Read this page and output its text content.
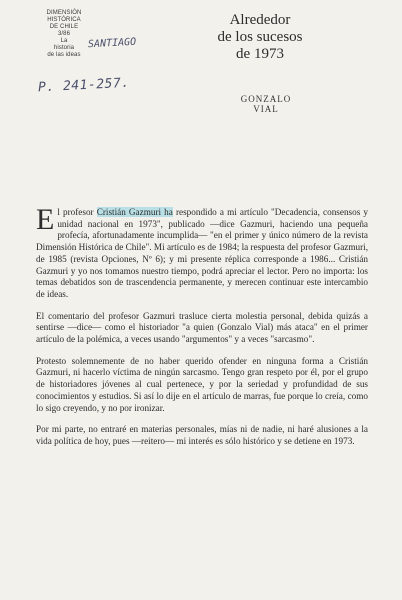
DIMENSIÓN
HISTÓRICA
DE CHILE
3/86
La
historia
de las ideas
SANTIAGO
P. 241-257.
Alrededor
de los sucesos
de 1973
GONZALO VIAL

El profesor Cristián Gazmuri ha respondido a mi artículo "Decadencia, consensos y unidad nacional en 1973", publicado —dice Gazmuri, haciendo una pequeña profecía, afortunadamente incumplida— "en el primer y único número de la revista Dimensión Histórica de Chile". Mi artículo es de 1984; la respuesta del profesor Gazmuri, de 1985 (revista Opciones, Nº 6); y mi presente réplica corresponde a 1986... Cristián Gazmuri y yo nos tomamos nuestro tiempo, podrá apreciar el lector. Pero no importa: los temas debatidos son de trascendencia permanente, y merecen continuar este intercambio de ideas.

El comentario del profesor Gazmuri trasluce cierta molestia personal, debida quizás a sentirse —dice— como el historiador "a quien (Gonzalo Vial) más ataca" en el primer artículo de la polémica, a veces usando "argumentos" y a veces "sarcasmo".

Protesto solemnemente de no haber querido ofender en ninguna forma a Cristián Gazmuri, ni hacerlo víctima de ningún sarcasmo. Tengo gran respeto por él, por el grupo de historiadores jóvenes al cual pertenece, y por la seriedad y profundidad de sus conocimientos y estudios. Si así lo dije en el artículo de marras, fue porque lo creía, como lo sigo creyendo, y no por ironizar.

Por mi parte, no entraré en materias personales, mías ni de nadie, ni haré alusiones a la vida política de hoy, pues —reitero— mi interés es sólo histórico y se detiene en 1973.
